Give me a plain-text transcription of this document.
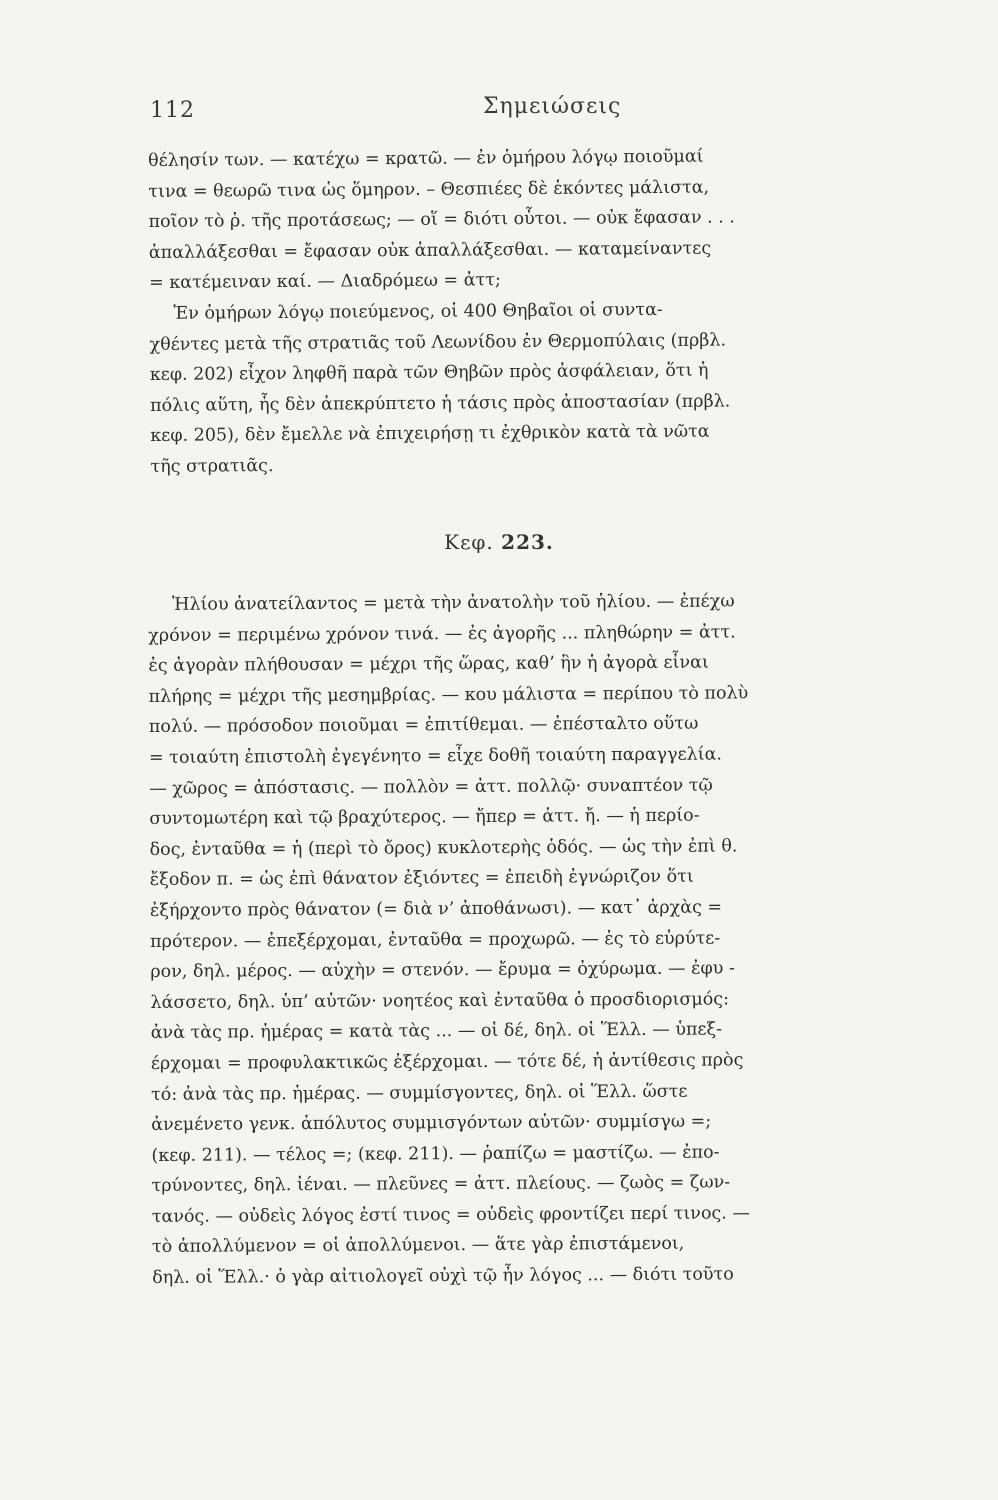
112	Σημειώσεις
θέλησίν των. — κατέχω = κρατῶ. — ἐν ὁμήρου λόγῳ ποιοῦμαί
τινα = θεωρῶ τινα ὡς ὅμηρον. – Θεσπιέες δὲ ἑκόντες μάλιστα,
ποῖον τὸ ῥ. τῆς προτάσεως; — οἵ = διότι οὗτοι. — οὐκ ἔφασαν . . .
ἀπαλλάξεσθαι = ἔφασαν οὐκ ἀπαλλάξεσθαι. — καταμείναντες
= κατέμειναν καί. — Διαδρόμεω = ἀττ;
Ἐν ὁμήρων λόγῳ ποιεύμενος, οἱ 400 Θηβαῖοι οἱ συντα-
χθέντες μετὰ τῆς στρατιᾶς τοῦ Λεωνίδου ἐν Θερμοπύλαις (πρβλ.
κεφ. 202) εἶχον ληφθῆ παρὰ τῶν Θηβῶν πρὸς ἀσφάλειαν, ὅτι ἡ
πόλις αὕτη, ἧς δὲν ἀπεκρύπτετο ἡ τάσις πρὸς ἀποστασίαν (πρβλ.
κεφ. 205), δὲν ἔμελλε νὰ ἐπιχειρήσῃ τι ἐχθρικὸν κατὰ τὰ νῶτα
τῆς στρατιᾶς.
Κεφ. 223.
Ἡλίου ἀνατείλαντος = μετὰ τὴν ἀνατολὴν τοῦ ἡλίου. — ἐπέχω
χρόνον = περιμένω χρόνον τινά. — ἐς ἀγορῆς ... πληθώρην = ἀττ.
ἐς ἀγορὰν πλήθουσαν = μέχρι τῆς ὥρας, καθ’ ἣν ἡ ἀγορὰ εἶναι
πλήρης = μέχρι τῆς μεσημβρίας. — κου μάλιστα = περίπου τὸ πολὺ
πολύ. — πρόσοδον ποιοῦμαι = ἐπιτίθεμαι. — ἐπέσταλτο οὕτω
= τοιαύτη ἐπιστολὴ ἐγεγένητο = εἶχε δοθῆ τοιαύτη παραγγελία.
— χῶρος = ἀπόστασις. — πολλὸν = ἀττ. πολλῷ· συναπτέον τῷ
συντομωτέρη καὶ τῷ βραχύτερος. — ἤπερ = ἀττ. ἤ. — ἡ περίο-
δος, ἐνταῦθα = ἡ (περὶ τὸ ὄρος) κυκλοτερὴς ὁδός. — ὡς τὴν ἐπὶ θ.
ἔξοδον π. = ὡς ἐπὶ θάνατον ἐξιόντες = ἐπειδὴ ἐγνώριζον ὅτι
ἐξήρχοντο πρὸς θάνατον (= διὰ ν’ ἀποθάνωσι). — κατ᾿ ἀρχὰς =
πρότερον. — ἐπεξέρχομαι, ἐνταῦθα = προχωρῶ. — ἐς τὸ εὐρύτε-
ρον, δηλ. μέρος. — αὐχὴν = στενόν. — ἔρυμα = ὀχύρωμα. — ἐφυ -
λάσσετο, δηλ. ὑπ’ αὐτῶν· νοητέος καὶ ἐνταῦθα ὁ προσδιορισμός:
ἀνὰ τὰς πρ. ἡμέρας = κατὰ τὰς ... — οἱ δέ, δηλ. οἱ Ἕλλ. — ὑπεξ-
έρχομαι = προφυλακτικῶς ἐξέρχομαι. — τότε δέ, ἡ ἀντίθεσις πρὸς
τό: ἀνὰ τὰς πρ. ἡμέρας. — συμμίσγοντες, δηλ. οἱ Ἕλλ. ὥστε
ἀνεμένετο γενκ. ἀπόλυτος συμμισγόντων αὐτῶν· συμμίσγω =;
(κεφ. 211). — τέλος =; (κεφ. 211). — ῥαπίζω = μαστίζω. — ἐπο-
τρύνοντες, δηλ. ἰέναι. — πλεῦνες = ἀττ. πλείους. — ζωὸς = ζων-
τανός. — οὐδεὶς λόγος ἐστί τινος = οὐδεὶς φροντίζει περί τινος. —
τὸ ἀπολλύμενον = οἱ ἀπολλύμενοι. — ἅτε γὰρ ἐπιστάμενοι,
δηλ. οἱ Ἕλλ.· ὁ γὰρ αἰτιολογεῖ οὐχὶ τῷ ἦν λόγος ... — διότι τοῦτο
